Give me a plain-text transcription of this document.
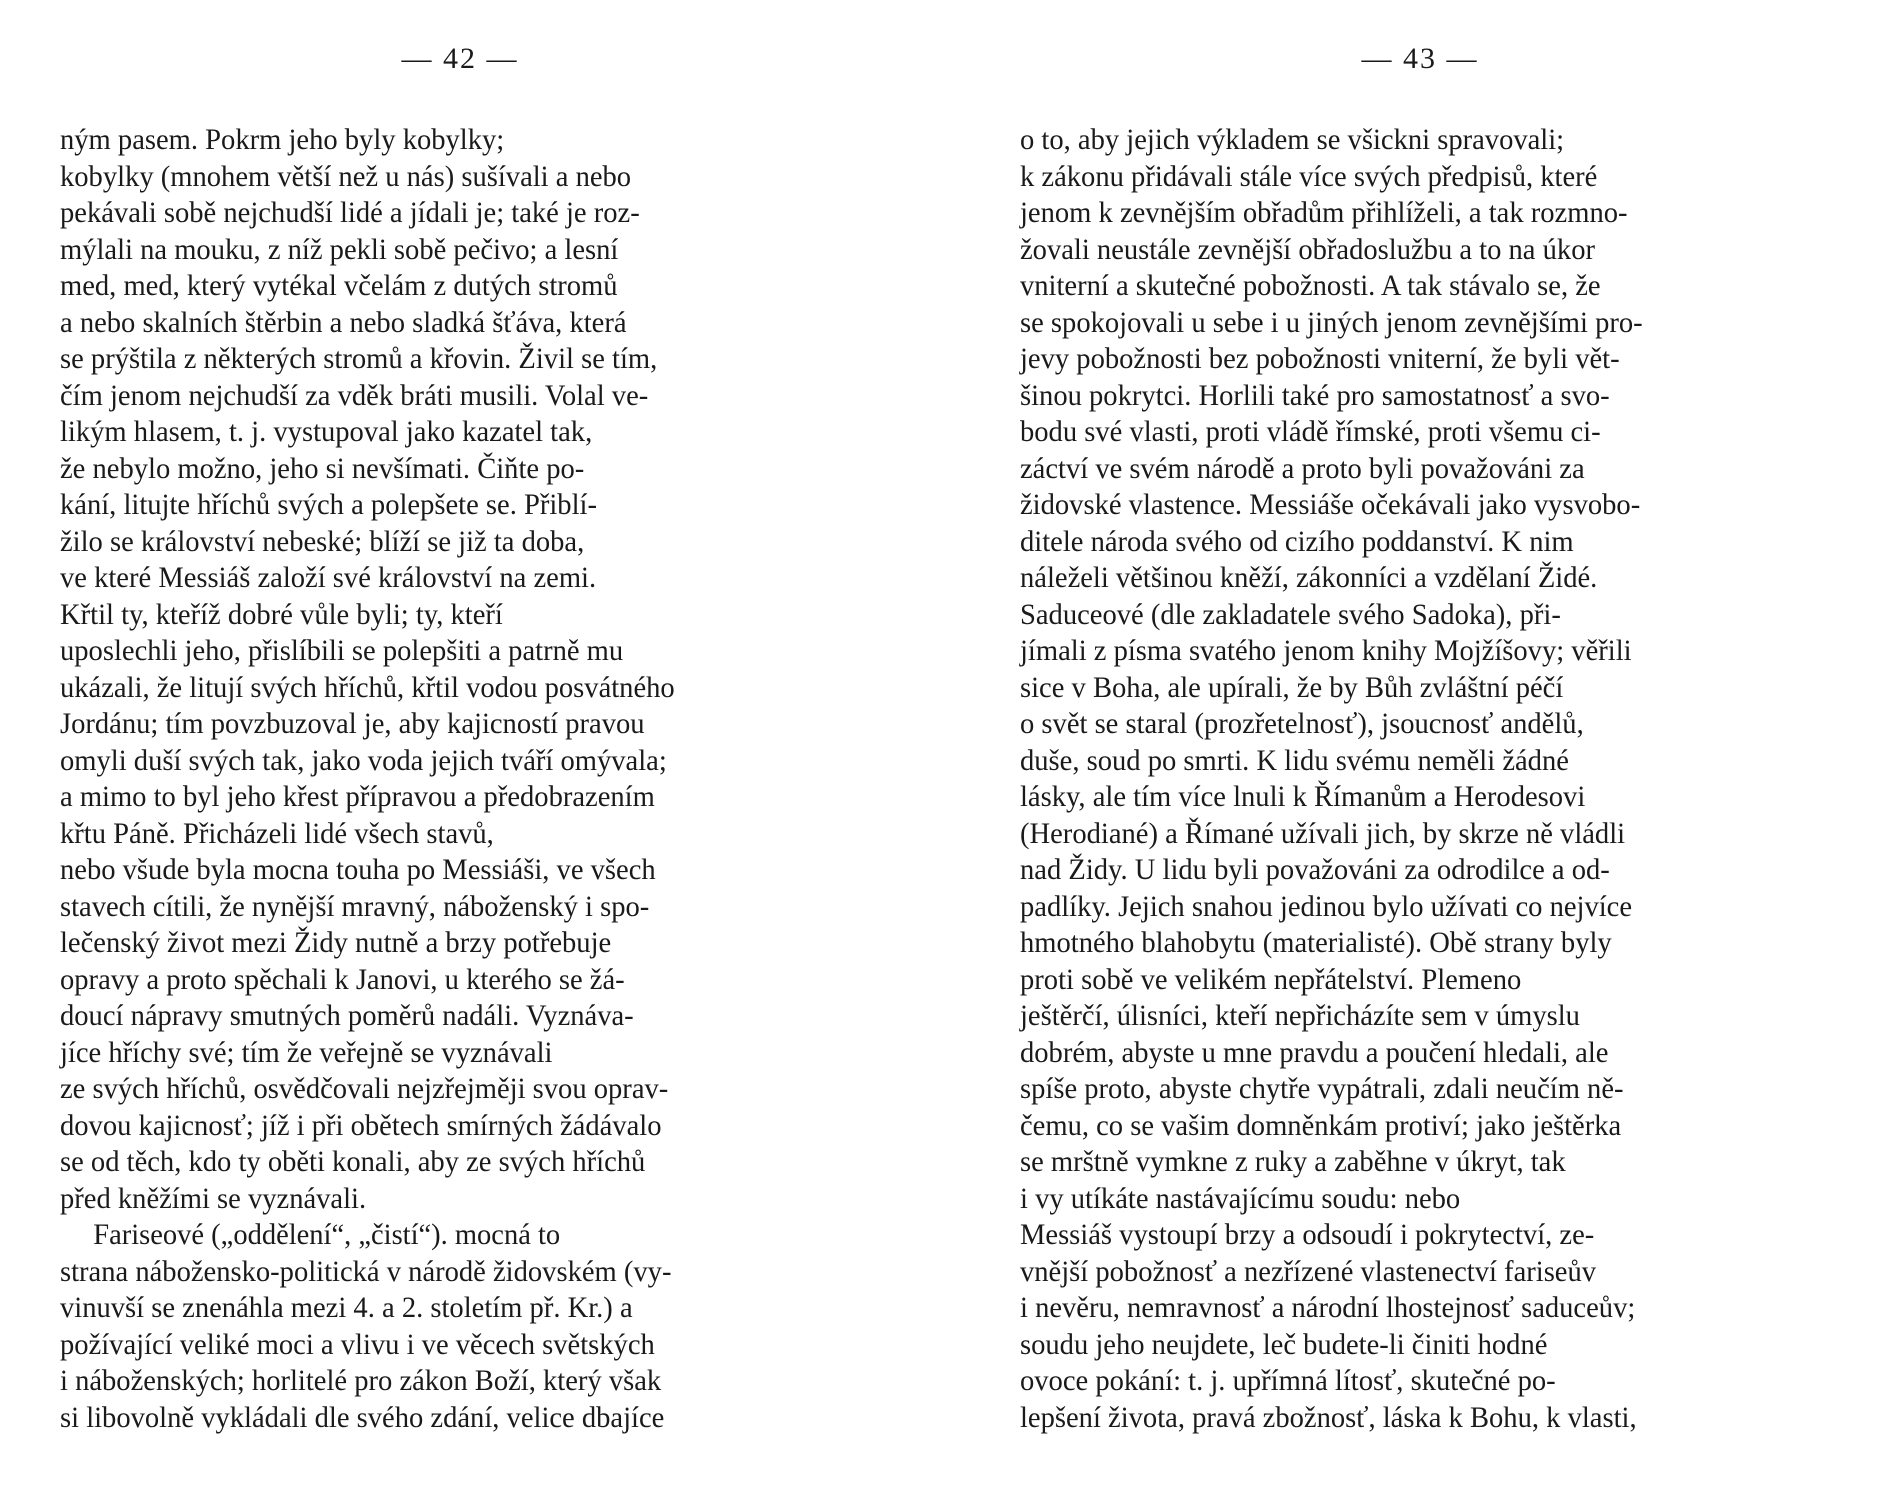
— 42 —
ným pasem. Pokrm jeho byly kobylky;
kobylky (mnohem větší než u nás) sušívali a nebo
pekávali sobě nejchudší lidé a jídali je; také je roz-
mýlali na mouku, z níž pekli sobě pečivo; a lesní
med, med, který vytékal včelám z dutých stromů
a nebo skalních štěrbin a nebo sladká šťáva, která
se prýštila z některých stromů a křovin. Živil se tím,
čím jenom nejchudší za vděk bráti musili. Volal ve-
likým hlasem, t. j. vystupoval jako kazatel tak,
že nebylo možno, jeho si nevšímati. Čiňte po-
kání, litujte hříchů svých a polepšete se. Přiblí-
žilo se království nebeské; blíží se již ta doba,
ve které Messiáš založí své království na zemi.
Křtil ty, kteříž dobré vůle byli; ty, kteří
uposlechli jeho, přislíbili se polepšiti a patrně mu
ukázali, že litují svých hříchů, křtil vodou posvátného
Jordánu; tím povzbuzoval je, aby kajicností pravou
omyli duší svých tak, jako voda jejich tváří omývala;
a mimo to byl jeho křest přípravou a předobrazením
křtu Páně. Přicházeli lidé všech stavů,
nebo všude byla mocna touha po Messiáši, ve všech
stavech cítili, že nynější mravný, náboženský i spo-
lečenský život mezi Židy nutně a brzy potřebuje
opravy a proto spěchali k Janovi, u kterého se žá-
doucí nápravy smutných poměrů nadáli. Vyznáva-
jíce hříchy své; tím že veřejně se vyznávali
ze svých hříchů, osvědčovali nejzřejměji svou oprav-
dovou kajicnosť; jíž i při obětech smírných žádávalo
se od těch, kdo ty oběti konali, aby ze svých hříchů
před kněžími se vyznávali.
Fariseové („oddělení“, „čistí“). mocná to
strana nábožensko-politická v národě židovském (vy-
vinuvší se znenáhla mezi 4. a 2. stoletím př. Kr.) a
požívající veliké moci a vlivu i ve věcech světských
i náboženských; horlitelé pro zákon Boží, který však
si libovolně vykládali dle svého zdání, velice dbajíce
— 43 —
o to, aby jejich výkladem se všickni spravovali;
k zákonu přidávali stále více svých předpisů, které
jenom k zevnějším obřadům přihlíželi, a tak rozmno-
žovali neustále zevnější obřadoslužbu a to na úkor
vniterní a skutečné pobožnosti. A tak stávalo se, že
se spokojovali u sebe i u jiných jenom zevnějšími pro-
jevy pobožnosti bez pobožnosti vniterní, že byli vět-
šinou pokrytci. Horlili také pro samostatnosť a svo-
bodu své vlasti, proti vládě římské, proti všemu ci-
záctví ve svém národě a proto byli považováni za
židovské vlastence. Messiáše očekávali jako vysvobo-
ditele národa svého od cizího poddanství. K nim
náleželi většinou kněží, zákonníci a vzdělaní Židé.
Saduceové (dle zakladatele svého Sadoka), při-
jímali z písma svatého jenom knihy Mojžíšovy; věřili
sice v Boha, ale upírali, že by Bůh zvláštní péčí
o svět se staral (prozřetelnosť), jsoucnosť andělů,
duše, soud po smrti. K lidu svému neměli žádné
lásky, ale tím více lnuli k Římanům a Herodesovi
(Herodiané) a Římané užívali jich, by skrze ně vládli
nad Židy. U lidu byli považováni za odrodilce a od-
padlíky. Jejich snahou jedinou bylo užívati co nejvíce
hmotného blahobytu (materialisté). Obě strany byly
proti sobě ve velikém nepřátelství. Plemeno
ještěrčí, úlisníci, kteří nepřicházíte sem v úmyslu
dobrém, abyste u mne pravdu a poučení hledali, ale
spíše proto, abyste chytře vypátrali, zdali neučím ně-
čemu, co se vašim domněnkám protiví; jako ještěrka
se mrštně vymkne z ruky a zaběhne v úkryt, tak
i vy utíkáte nastávajícímu soudu: nebo
Messiáš vystoupí brzy a odsoudí i pokrytectví, ze-
vnější pobožnosť a nezřízené vlastenectví fariseův
i nevěru, nemravnosť a národní lhostejnosť saduceův;
soudu jeho neujdete, leč budete-li činiti hodné
ovoce pokání: t. j. upřímná lítosť, skutečné po-
lepšení života, pravá zbožnosť, láska k Bohu, k vlasti,
